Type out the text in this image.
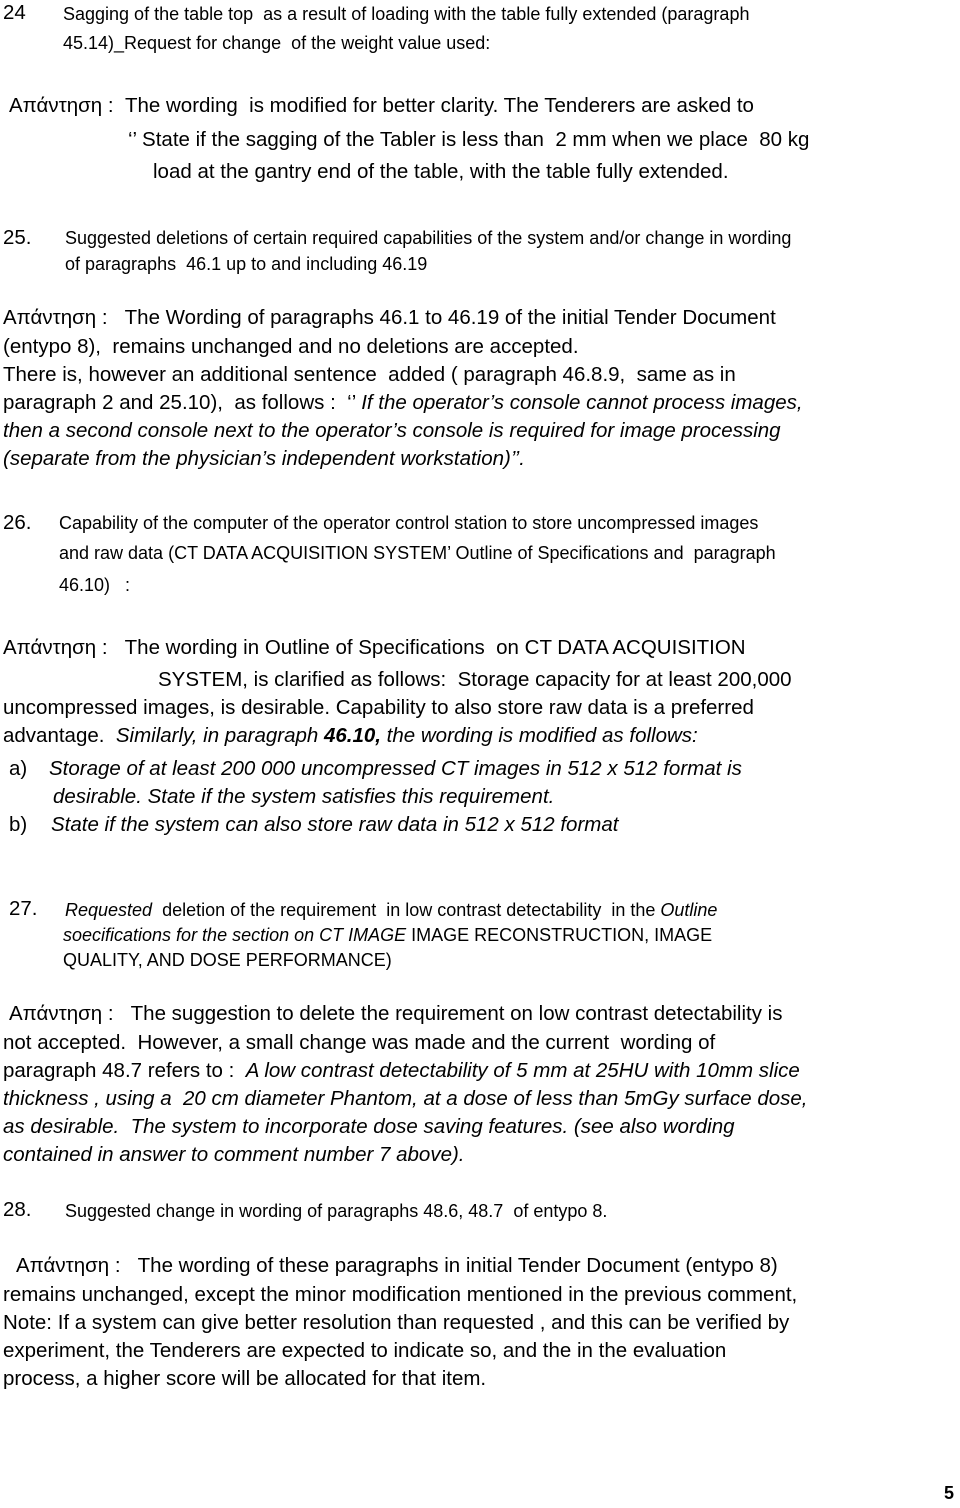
24 Sagging of the table top  as a result of loading with the table fully extended (paragraph
45.14)_Request for change  of the weight value used:
Απάντηση :  The wording  is modified for better clarity. The Tenderers are asked to
‘’ State if the sagging of the Tabler is less than  2 mm when we place  80 kg
load at the gantry end of the table, with the table fully extended.
25. Suggested deletions of certain required capabilities of the system and/or change in wording
of paragraphs  46.1 up to and including 46.19
Απάντηση :   The Wording of paragraphs 46.1 to 46.19 of the initial Tender Document
(entypo 8),  remains unchanged and no deletions are accepted.
There is, however an additional sentence  added ( paragraph 46.8.9,  same as in
paragraph 2 and 25.10),  as follows :  ‘’ If the operator’s console cannot process images,
then a second console next to the operator’s console is required for image processing
(separate from the physician’s independent workstation)’’.
26. Capability of the computer of the operator control station to store uncompressed images
and raw data (CT DATA ACQUISITION SYSTEM’ Outline of Specifications and  paragraph
46.10)   :
Απάντηση :   The wording in Outline of Specifications  on CT DATA ACQUISITION
SYSTEM, is clarified as follows:  Storage capacity for at least 200,000
uncompressed images, is desirable. Capability to also store raw data is a preferred
advantage.  Similarly, in paragraph 46.10, the wording is modified as follows:
a) Storage of at least 200 000 uncompressed CT images in 512 x 512 format is
desirable. State if the system satisfies this requirement.
b) State if the system can also store raw data in 512 x 512 format
27. Requested  deletion of the requirement  in low contrast detectability  in the Outline
soecifications for the section on CT IMAGE IMAGE RECONSTRUCTION, IMAGE
QUALITY, AND DOSE PERFORMANCE)
Απάντηση :   The suggestion to delete the requirement on low contrast detectability is
not accepted.  However, a small change was made and the current  wording of
paragraph 48.7 refers to :  A low contrast detectability of 5 mm at 25HU with 10mm slice
thickness , using a  20 cm diameter Phantom, at a dose of less than 5mGy surface dose,
as desirable.  The system to incorporate dose saving features. (see also wording
contained in answer to comment number 7 above).
28. Suggested change in wording of paragraphs 48.6, 48.7  of entypo 8.
Απάντηση :   The wording of these paragraphs in initial Tender Document (entypo 8)
remains unchanged, except the minor modification mentioned in the previous comment,
Note: If a system can give better resolution than requested , and this can be verified by
experiment, the Tenderers are expected to indicate so, and the in the evaluation
process, a higher score will be allocated for that item.
5
